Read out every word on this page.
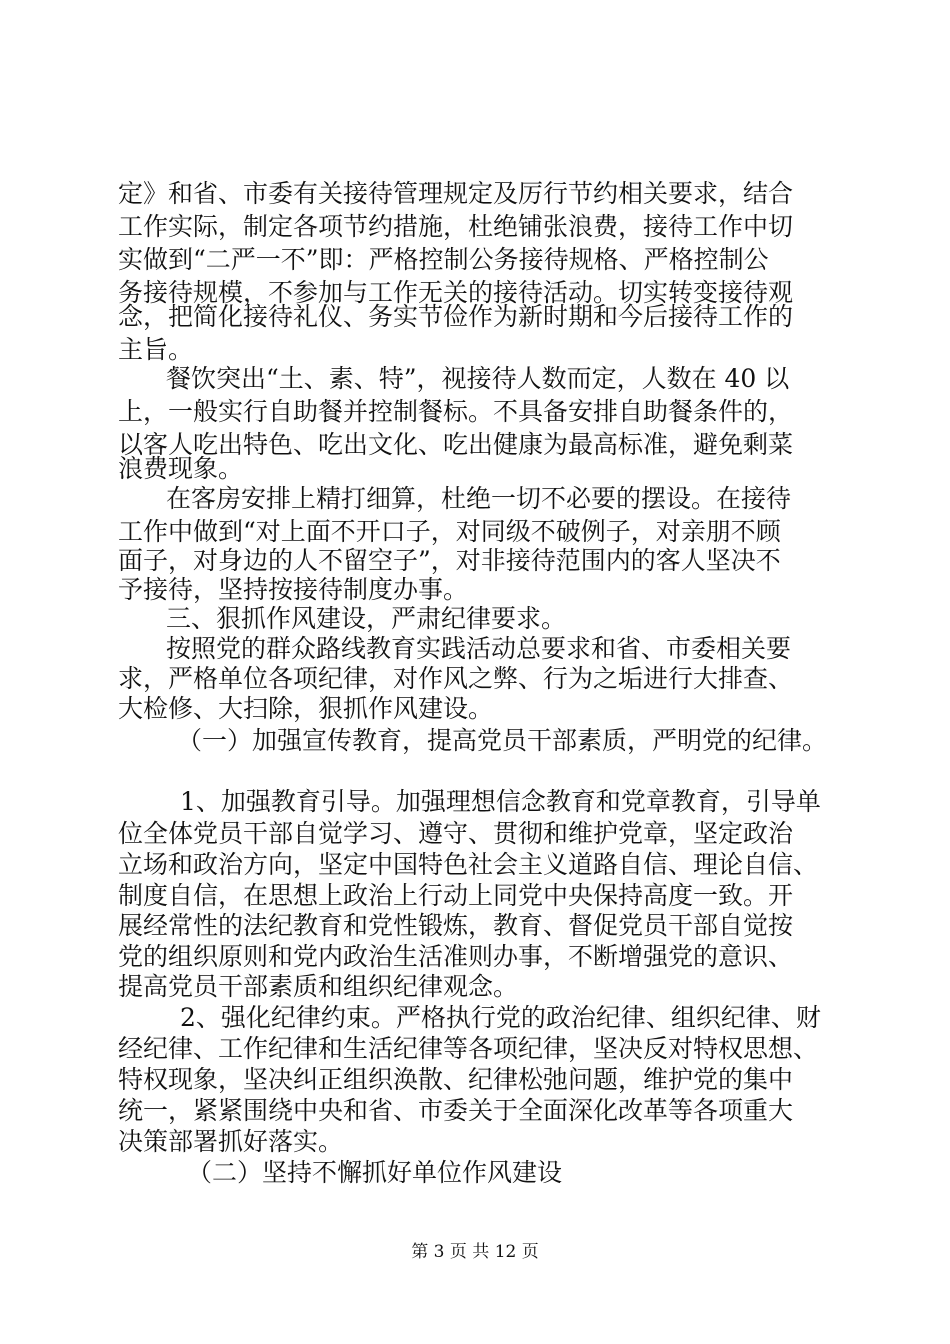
定》和省、市委有关接待管理规定及厉行节约相关要求，结合
工作实际，制定各项节约措施，杜绝铺张浪费，接待工作中切
实做到“二严一不”即：严格控制公务接待规格、严格控制公
务接待规模，不参加与工作无关的接待活动。切实转变接待观
念，把简化接待礼仪、务实节俭作为新时期和今后接待工作的
主旨。
餐饮突出“土、素、特”，视接待人数而定，人数在 40 以
上，一般实行自助餐并控制餐标。不具备安排自助餐条件的，
以客人吃出特色、吃出文化、吃出健康为最高标准，避免剩菜
浪费现象。
在客房安排上精打细算，杜绝一切不必要的摆设。在接待
工作中做到“对上面不开口子，对同级不破例子，对亲朋不顾
面子，对身边的人不留空子”，对非接待范围内的客人坚决不
予接待，坚持按接待制度办事。
三、狠抓作风建设，严肃纪律要求。
按照党的群众路线教育实践活动总要求和省、市委相关要
求，严格单位各项纪律，对作风之弊、行为之垢进行大排查、
大检修、大扫除，狠抓作风建设。
（一）加强宣传教育，提高党员干部素质，严明党的纪律。
1、加强教育引导。加强理想信念教育和党章教育，引导单
位全体党员干部自觉学习、遵守、贯彻和维护党章，坚定政治
立场和政治方向，坚定中国特色社会主义道路自信、理论自信、
制度自信，在思想上政治上行动上同党中央保持高度一致。开
展经常性的法纪教育和党性锻炼，教育、督促党员干部自觉按
党的组织原则和党内政治生活准则办事，不断增强党的意识、
提高党员干部素质和组织纪律观念。
2、强化纪律约束。严格执行党的政治纪律、组织纪律、财
经纪律、工作纪律和生活纪律等各项纪律，坚决反对特权思想、
特权现象，坚决纠正组织涣散、纪律松弛问题，维护党的集中
统一，紧紧围绕中央和省、市委关于全面深化改革等各项重大
决策部署抓好落实。
（二）坚持不懈抓好单位作风建设
第 3 页 共 12 页
